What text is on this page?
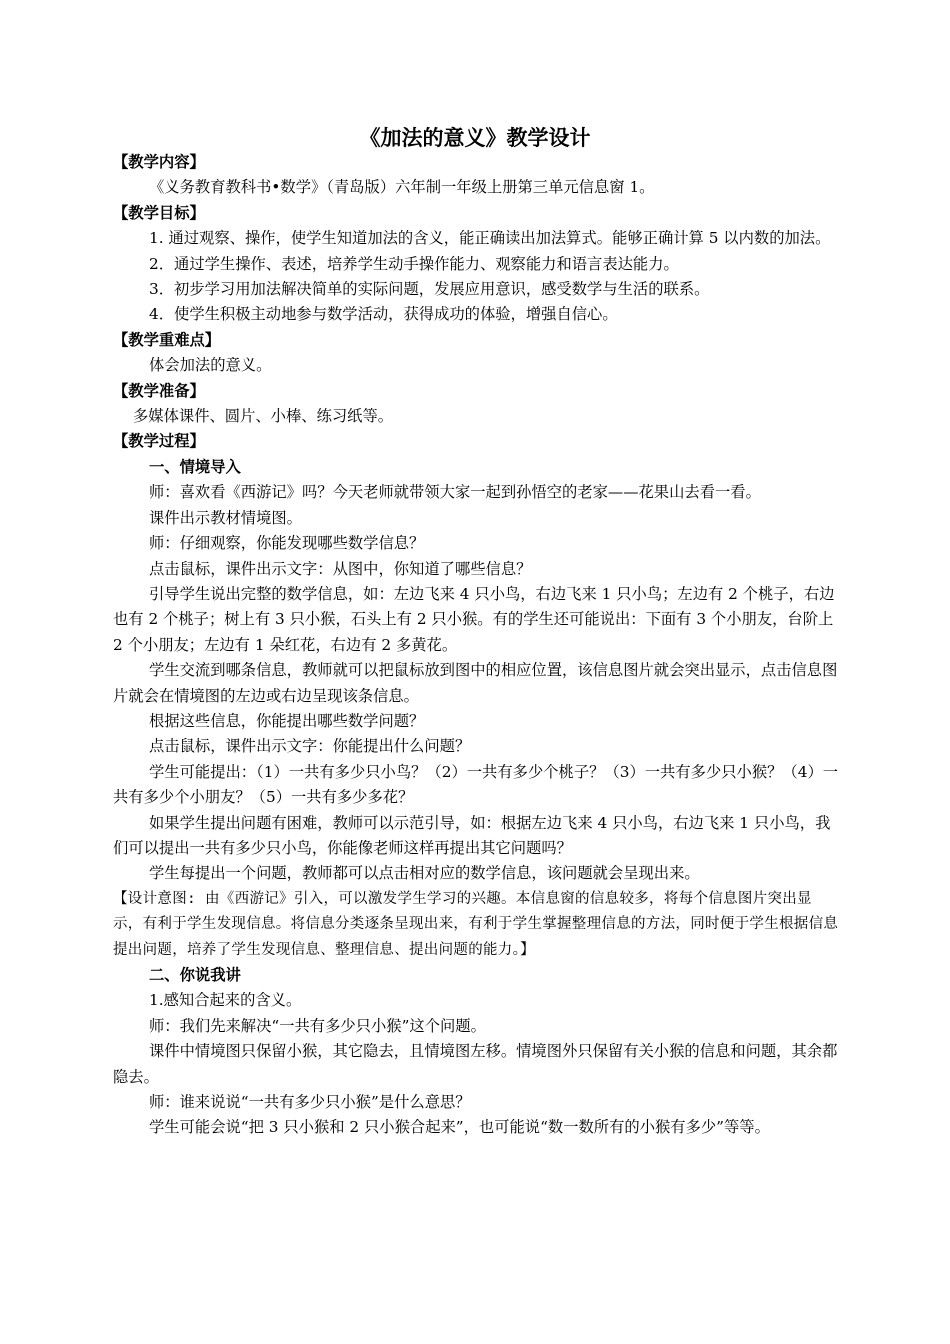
《加法的意义》教学设计

【教学内容】

《义务教育教科书•数学》（青岛版）六年制一年级上册第三单元信息窗 1。

【教学目标】

1. 通过观察、操作，使学生知道加法的含义，能正确读出加法算式。能够正确计算 5 以内数的加法。

2．通过学生操作、表述，培养学生动手操作能力、观察能力和语言表达能力。

3．初步学习用加法解决简单的实际问题，发展应用意识，感受数学与生活的联系。

4．使学生积极主动地参与数学活动，获得成功的体验，增强自信心。

【教学重难点】

体会加法的意义。

【教学准备】

多媒体课件、圆片、小棒、练习纸等。

【教学过程】

一、情境导入

师：喜欢看《西游记》吗？今天老师就带领大家一起到孙悟空的老家——花果山去看一看。

课件出示教材情境图。

师：仔细观察，你能发现哪些数学信息？

点击鼠标，课件出示文字：从图中，你知道了哪些信息？

引导学生说出完整的数学信息，如：左边飞来 4 只小鸟，右边飞来 1 只小鸟；左边有 2 个桃子，右边也有 2 个桃子；树上有 3 只小猴，石头上有 2 只小猴。有的学生还可能说出：下面有 3 个小朋友，台阶上 2 个小朋友；左边有 1 朵红花，右边有 2 多黄花。

学生交流到哪条信息，教师就可以把鼠标放到图中的相应位置，该信息图片就会突出显示，点击信息图片就会在情境图的左边或右边呈现该条信息。

根据这些信息，你能提出哪些数学问题？

点击鼠标，课件出示文字：你能提出什么问题？

学生可能提出：（1）一共有多少只小鸟？（2）一共有多少个桃子？（3）一共有多少只小猴？（4）一共有多少个小朋友？（5）一共有多少多花？

如果学生提出问题有困难，教师可以示范引导，如：根据左边飞来 4 只小鸟，右边飞来 1 只小鸟，我们可以提出一共有多少只小鸟，你能像老师这样再提出其它问题吗？

学生每提出一个问题，教师都可以点击相对应的数学信息，该问题就会呈现出来。

【设计意图: 由《西游记》引入，可以激发学生学习的兴趣。本信息窗的信息较多，将每个信息图片突出显示，有利于学生发现信息。将信息分类逐条呈现出来，有利于学生掌握整理信息的方法，同时便于学生根据信息提出问题，培养了学生发现信息、整理信息、提出问题的能力。】

二、你说我讲

1.感知合起来的含义。

师：我们先来解决“一共有多少只小猴”这个问题。

课件中情境图只保留小猴，其它隐去，且情境图左移。情境图外只保留有关小猴的信息和问题，其余都隐去。

师：谁来说说“一共有多少只小猴”是什么意思？

学生可能会说“把 3 只小猴和 2 只小猴合起来”，也可能说“数一数所有的小猴有多少”等等。
